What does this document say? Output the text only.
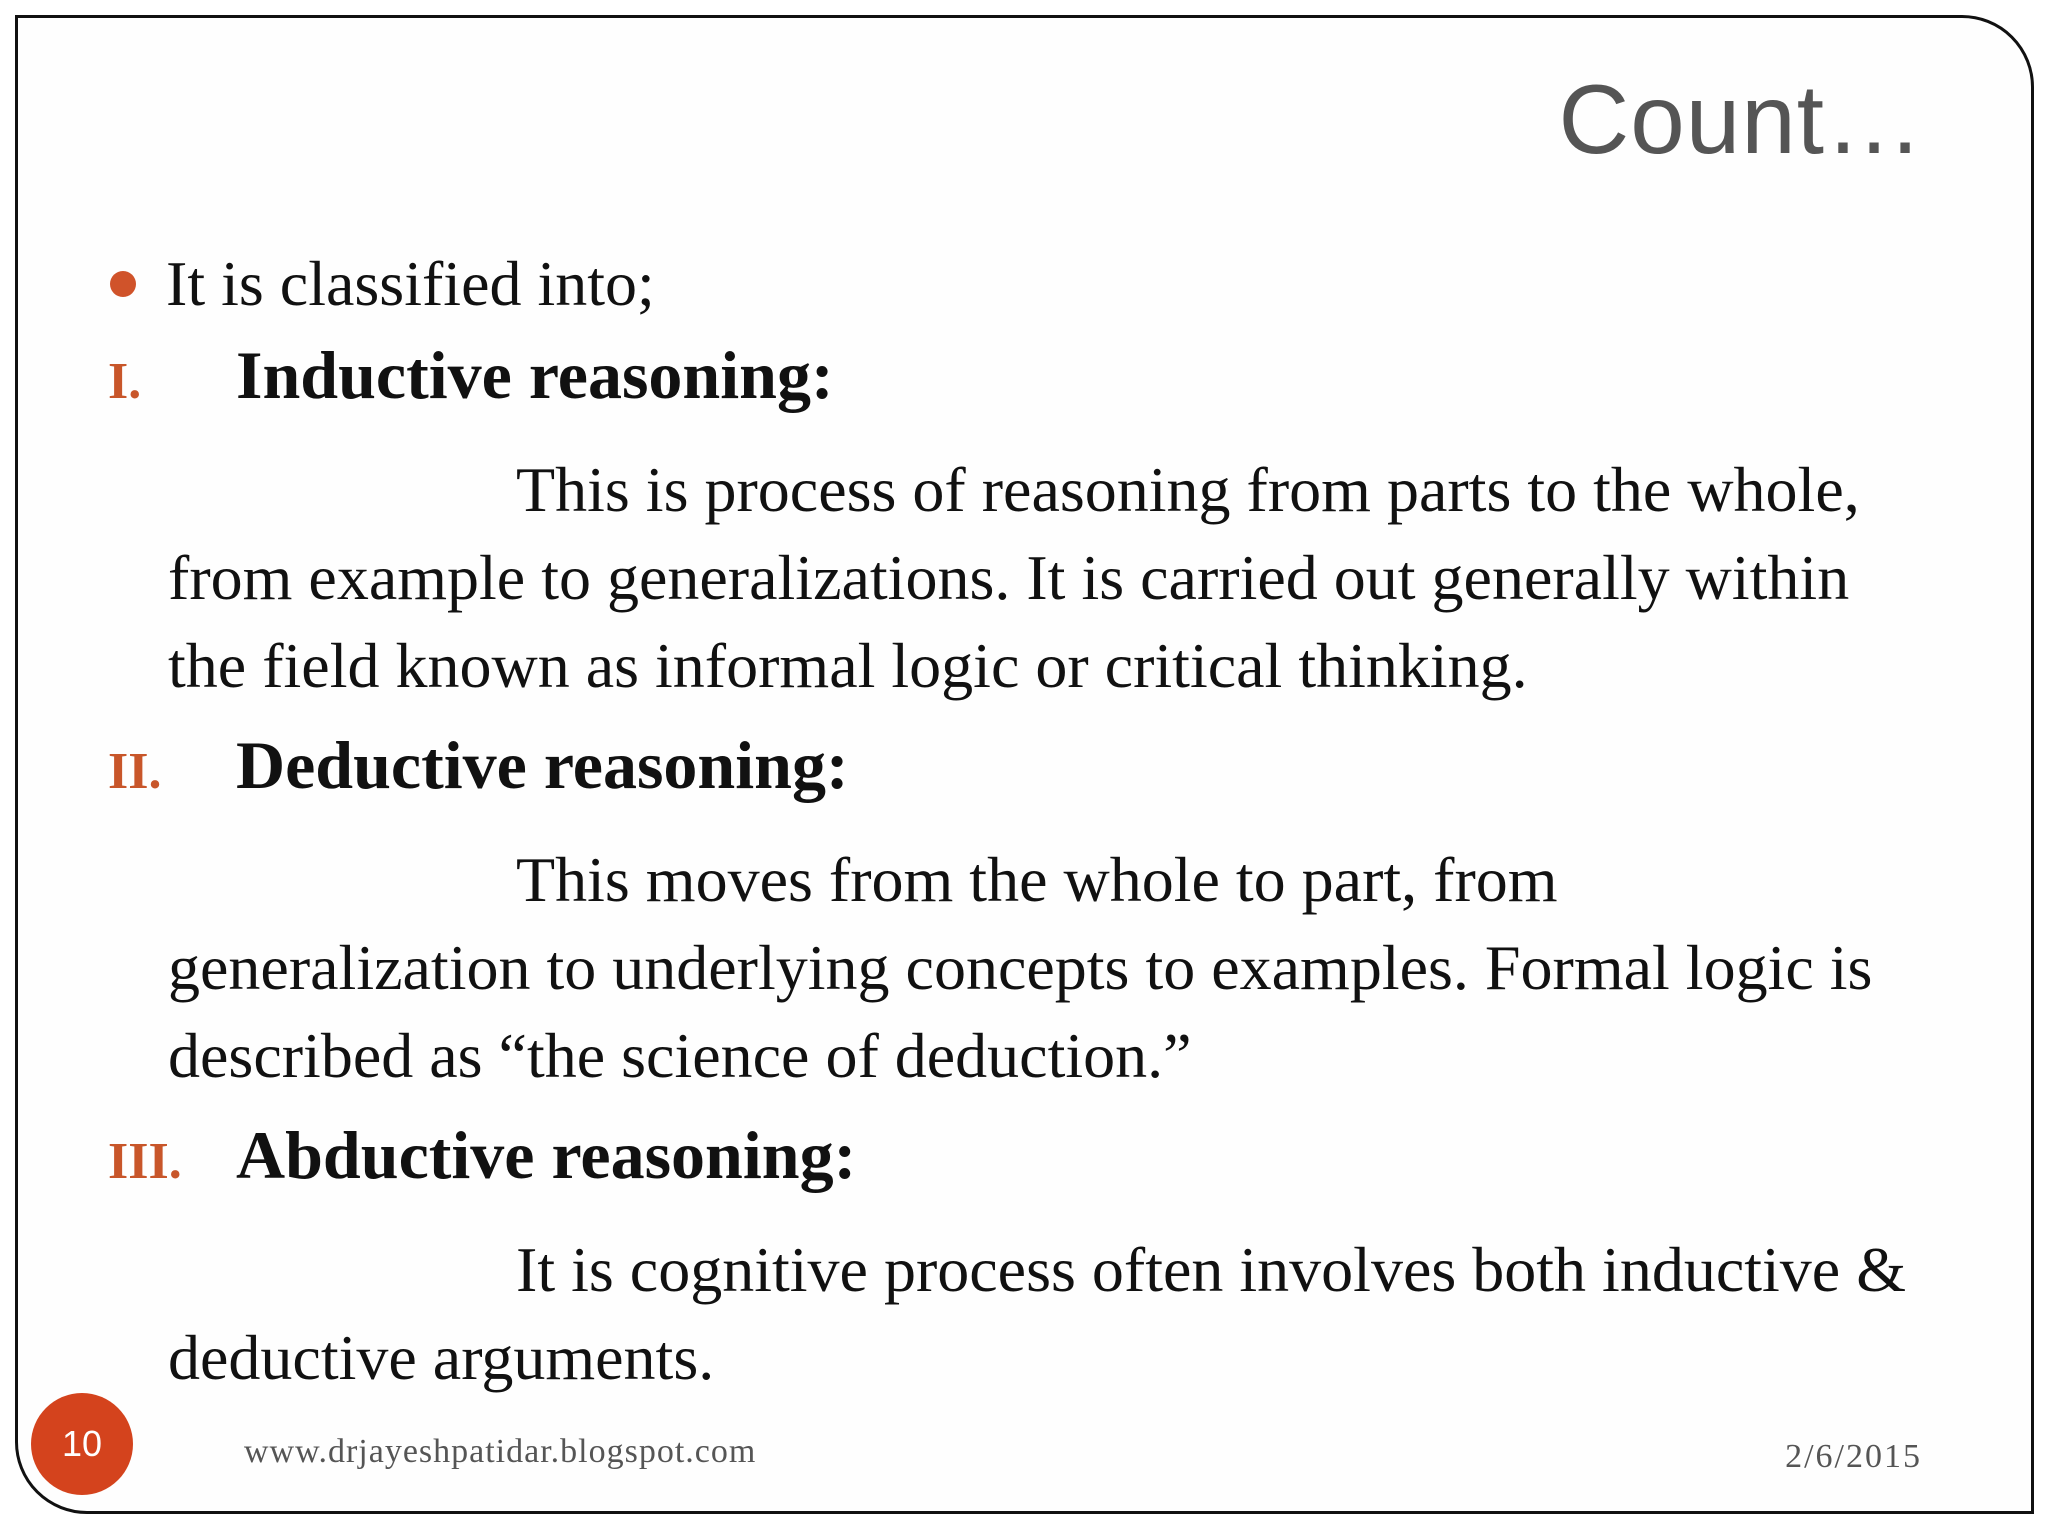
Count…
It is classified into;
I.	Inductive reasoning:

This is process of reasoning from parts to the whole, from example to generalizations. It is carried out generally within the field known as informal logic or critical thinking.

II.	Deductive reasoning:

This moves from the whole to part, from generalization to underlying concepts to examples. Formal logic is described as “the science of deduction.”

III. Abductive reasoning:

It is cognitive process often involves both inductive & deductive arguments.

www.drjayeshpatidar.blogspot.com	2/6/2015
10
